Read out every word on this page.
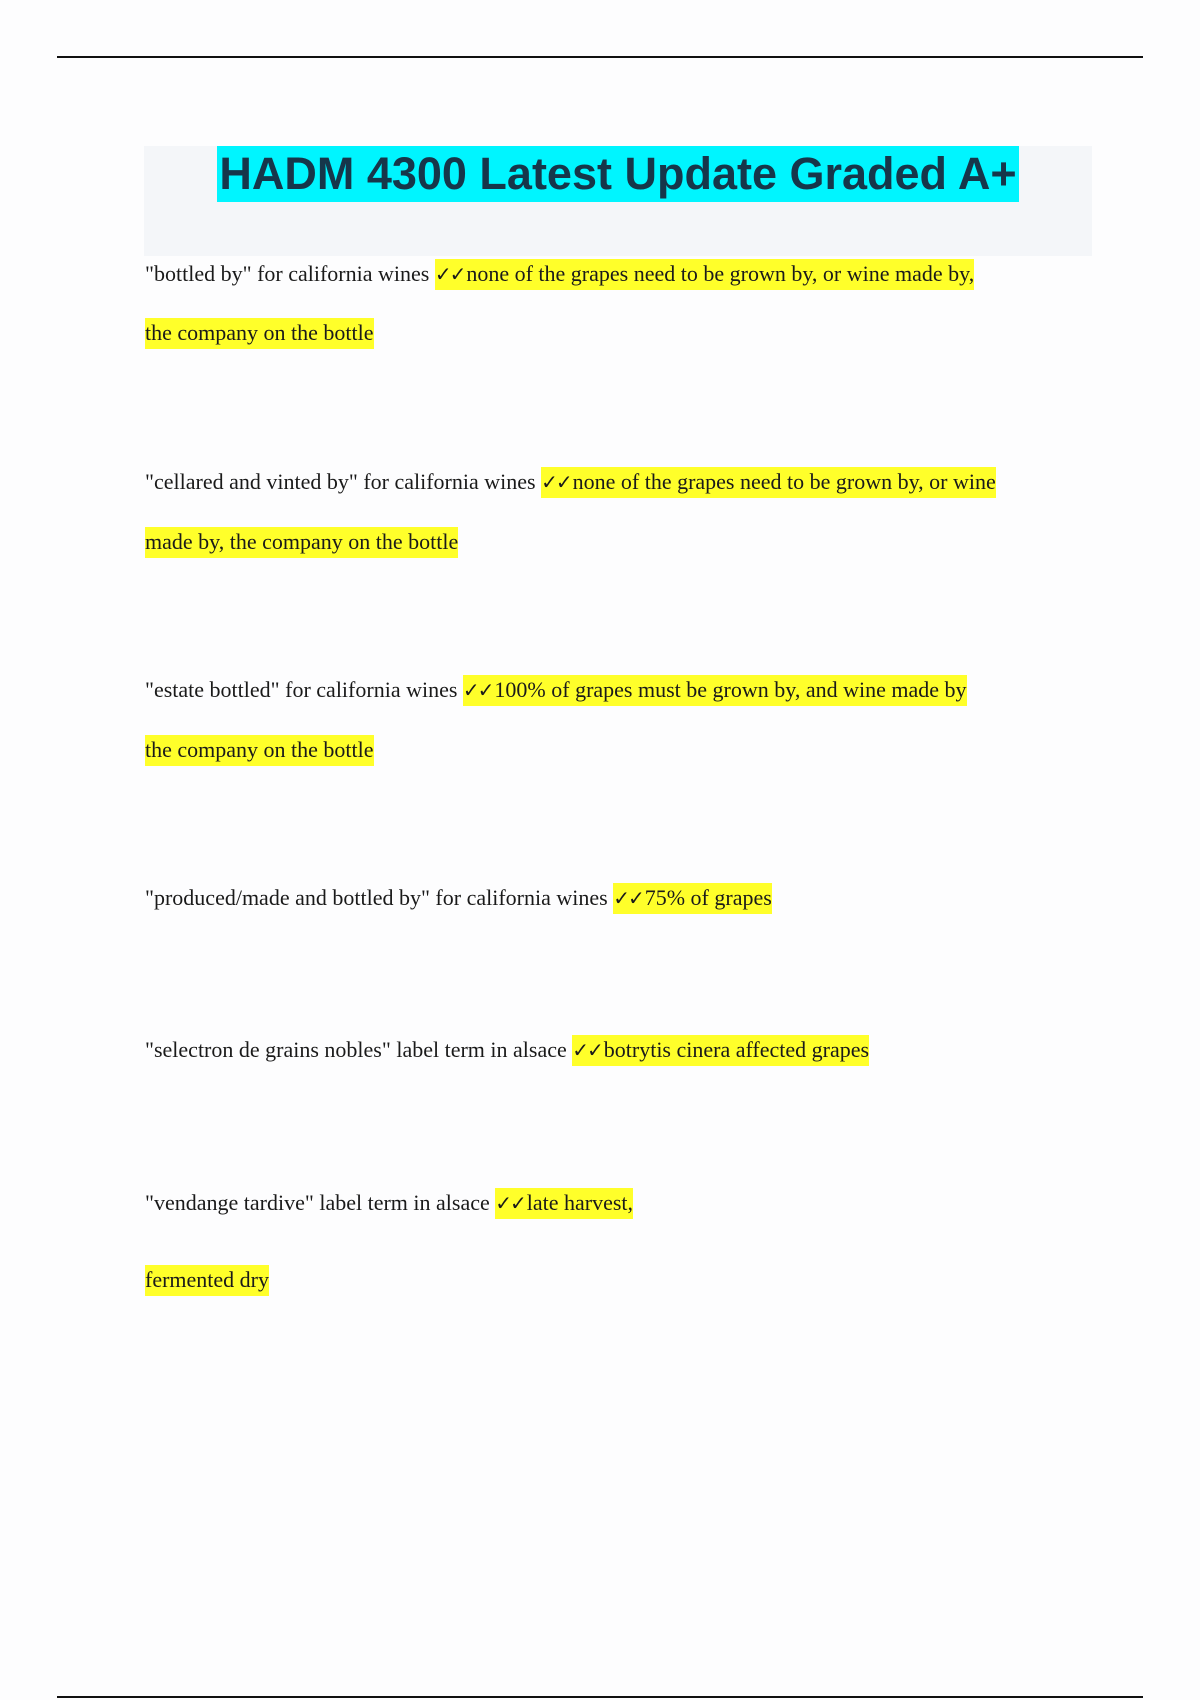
HADM 4300 Latest Update Graded A+
"bottled by" for california wines ✓✓none of the grapes need to be grown by, or wine made by,
the company on the bottle
"cellared and vinted by" for california wines ✓✓none of the grapes need to be grown by, or wine
made by, the company on the bottle
"estate bottled" for california wines ✓✓100% of grapes must be grown by, and wine made by
the company on the bottle
"produced/made and bottled by" for california wines ✓✓75% of grapes
"selectron de grains nobles" label term in alsace ✓✓botrytis cinera affected grapes
"vendange tardive" label term in alsace ✓✓late harvest,
fermented dry
